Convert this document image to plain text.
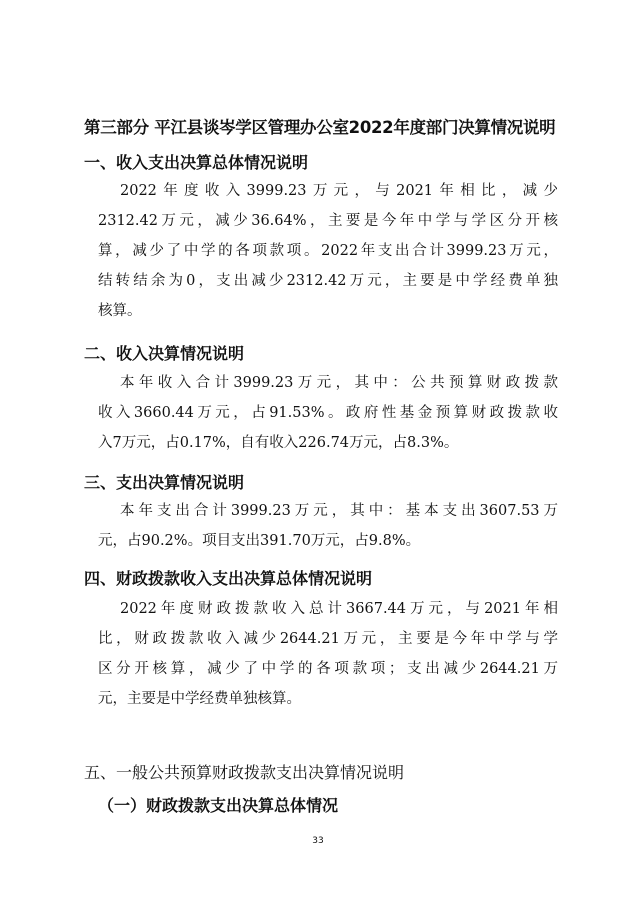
第三部分 平江县谈岑学区管理办公室2022年度部门决算情况说明
一、收入支出决算总体情况说明
2022年度收入3999.23万元，与2021年相比，减少
2312.42万元，减少36.64%，主要是今年中学与学区分开核
算，减少了中学的各项款项。2022年支出合计3999.23万元，
结转结余为0，支出减少2312.42万元，主要是中学经费单独
核算。
二、收入决算情况说明
本年收入合计3999.23万元，其中：公共预算财政拨款
收入3660.44万元，占91.53%。政府性基金预算财政拨款收
入7万元，占0.17%，自有收入226.74万元，占8.3%。
三、支出决算情况说明
本年支出合计3999.23万元，其中：基本支出3607.53万
元，占90.2%。项目支出391.70万元，占9.8%。
四、财政拨款收入支出决算总体情况说明
2022年度财政拨款收入总计3667.44万元，与2021年相
比，财政拨款收入减少2644.21万元，主要是今年中学与学
区分开核算，减少了中学的各项款项；支出减少2644.21万
元，主要是中学经费单独核算。
五、一般公共预算财政拨款支出决算情况说明
（一）财政拨款支出决算总体情况
33
